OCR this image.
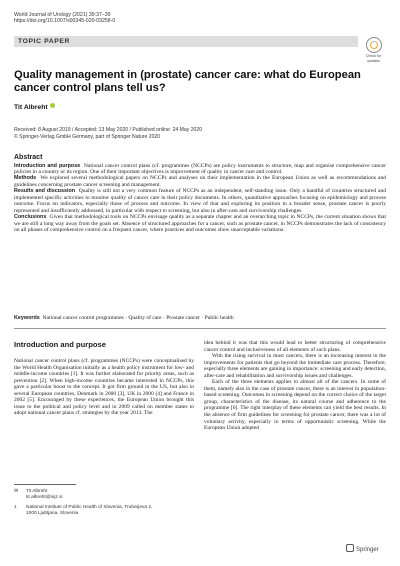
World Journal of Urology (2021) 39:37–39
https://doi.org/10.1007/s00345-020-03258-0
TOPIC PAPER
Check for
updates
Quality management in (prostate) cancer care: what do European cancer control plans tell us?
Tit Albreht
Received: 8 August 2019 / Accepted: 13 May 2020 / Published online: 24 May 2020
© Springer-Verlag GmbH Germany, part of Springer Nature 2020
Abstract

Introduction and purpose National cancer control plans (cf. programmes (NCCPs) are policy instruments to structure, map and organise comprehensive cancer policies in a country or its region. One of their important objectives is improvement of quality in cancer care and control.

Methods We explored several methodological papers on NCCPs and analyses on their implementation in the European Union as well as recommendations and guidelines concerning prostate cancer screening and management.

Results and discussion Quality is still not a very common feature of NCCPs as an independent, self-standing issue. Only a handful of countries structured and implemented specific activities to monitor quality of cancer care in their policy documents. In others, quantitative approaches focusing on epidemiology and process outcome. Focus on indicators, especially those of process and outcome. In view of that and exploring its position in a broader sense, prostate cancer is poorly represented and insufficiently addressed, in particular with respect to screening, but also in after-care and survivorship challenges.

Conclusions Given that methodological tools on NCCPs envisage quality as a separate chapter and an overarching topic in NCCPs, the current situation shows that we are still a long way away from the goals set. Absence of structured approaches for a cancer, such as prostate cancer, in NCCPs demonstrates the lack of consistency on all phases of comprehensive control on a frequent cancer, where practices and outcomes show unacceptable variations.

Keywords National cancer control programmes · Quality of care · Prostate cancer · Public health
Introduction and purpose

National cancer control plans (cf. programmes (NCCPs) were conceptualised by the World Health Organisation initially as a health policy instrument for low- and middle-income countries [1]. It was further elaborated for priority areas, such as prevention [2]. When high-income countries became interested in NCCPs, this gave a particular boost to the concept. It got firm ground in the US, but also in several European countries, Denmark in 2000 [3], UK in 2000 [4] and France in 2002 [5]. Encouraged by these experiences, the European Union brought this issue to the political and policy level and in 2009 called on member states to adopt national cancer plans cf. strategies by the year 2013. The

idea behind it was that this would lead to better structuring of comprehensive cancer control and inclusiveness of all elements of such plans.

With the rising survival in most cancers, there is an increasing interest in the improvements for patients that go beyond the immediate care process. Therefore, especially three elements are gaining in importance: screening and early detection, after-care and rehabilitation and survivorship issues and challenges.

Each of the three elements applies to almost all of the cancers. In some of them, namely also in the case of prostate cancer, there is an interest in population-based screening. Outcomes in screening depend on the correct choice of the target group, characteristics of the disease, its natural course and adherence to the programme [6]. The right interplay of these elements can yield the best results. In the absence of firm guidelines for screening for prostate cancer, there was a lot of voluntary activity, especially in terms of opportunistic screening. While the European Union adopted

✉	Tit Albreht
tit.albreht@nijz.si
1	National Institute of Public Health of Slovenia, Trubarjeva 2,
1000 Ljubljana, Slovenia
Springer
